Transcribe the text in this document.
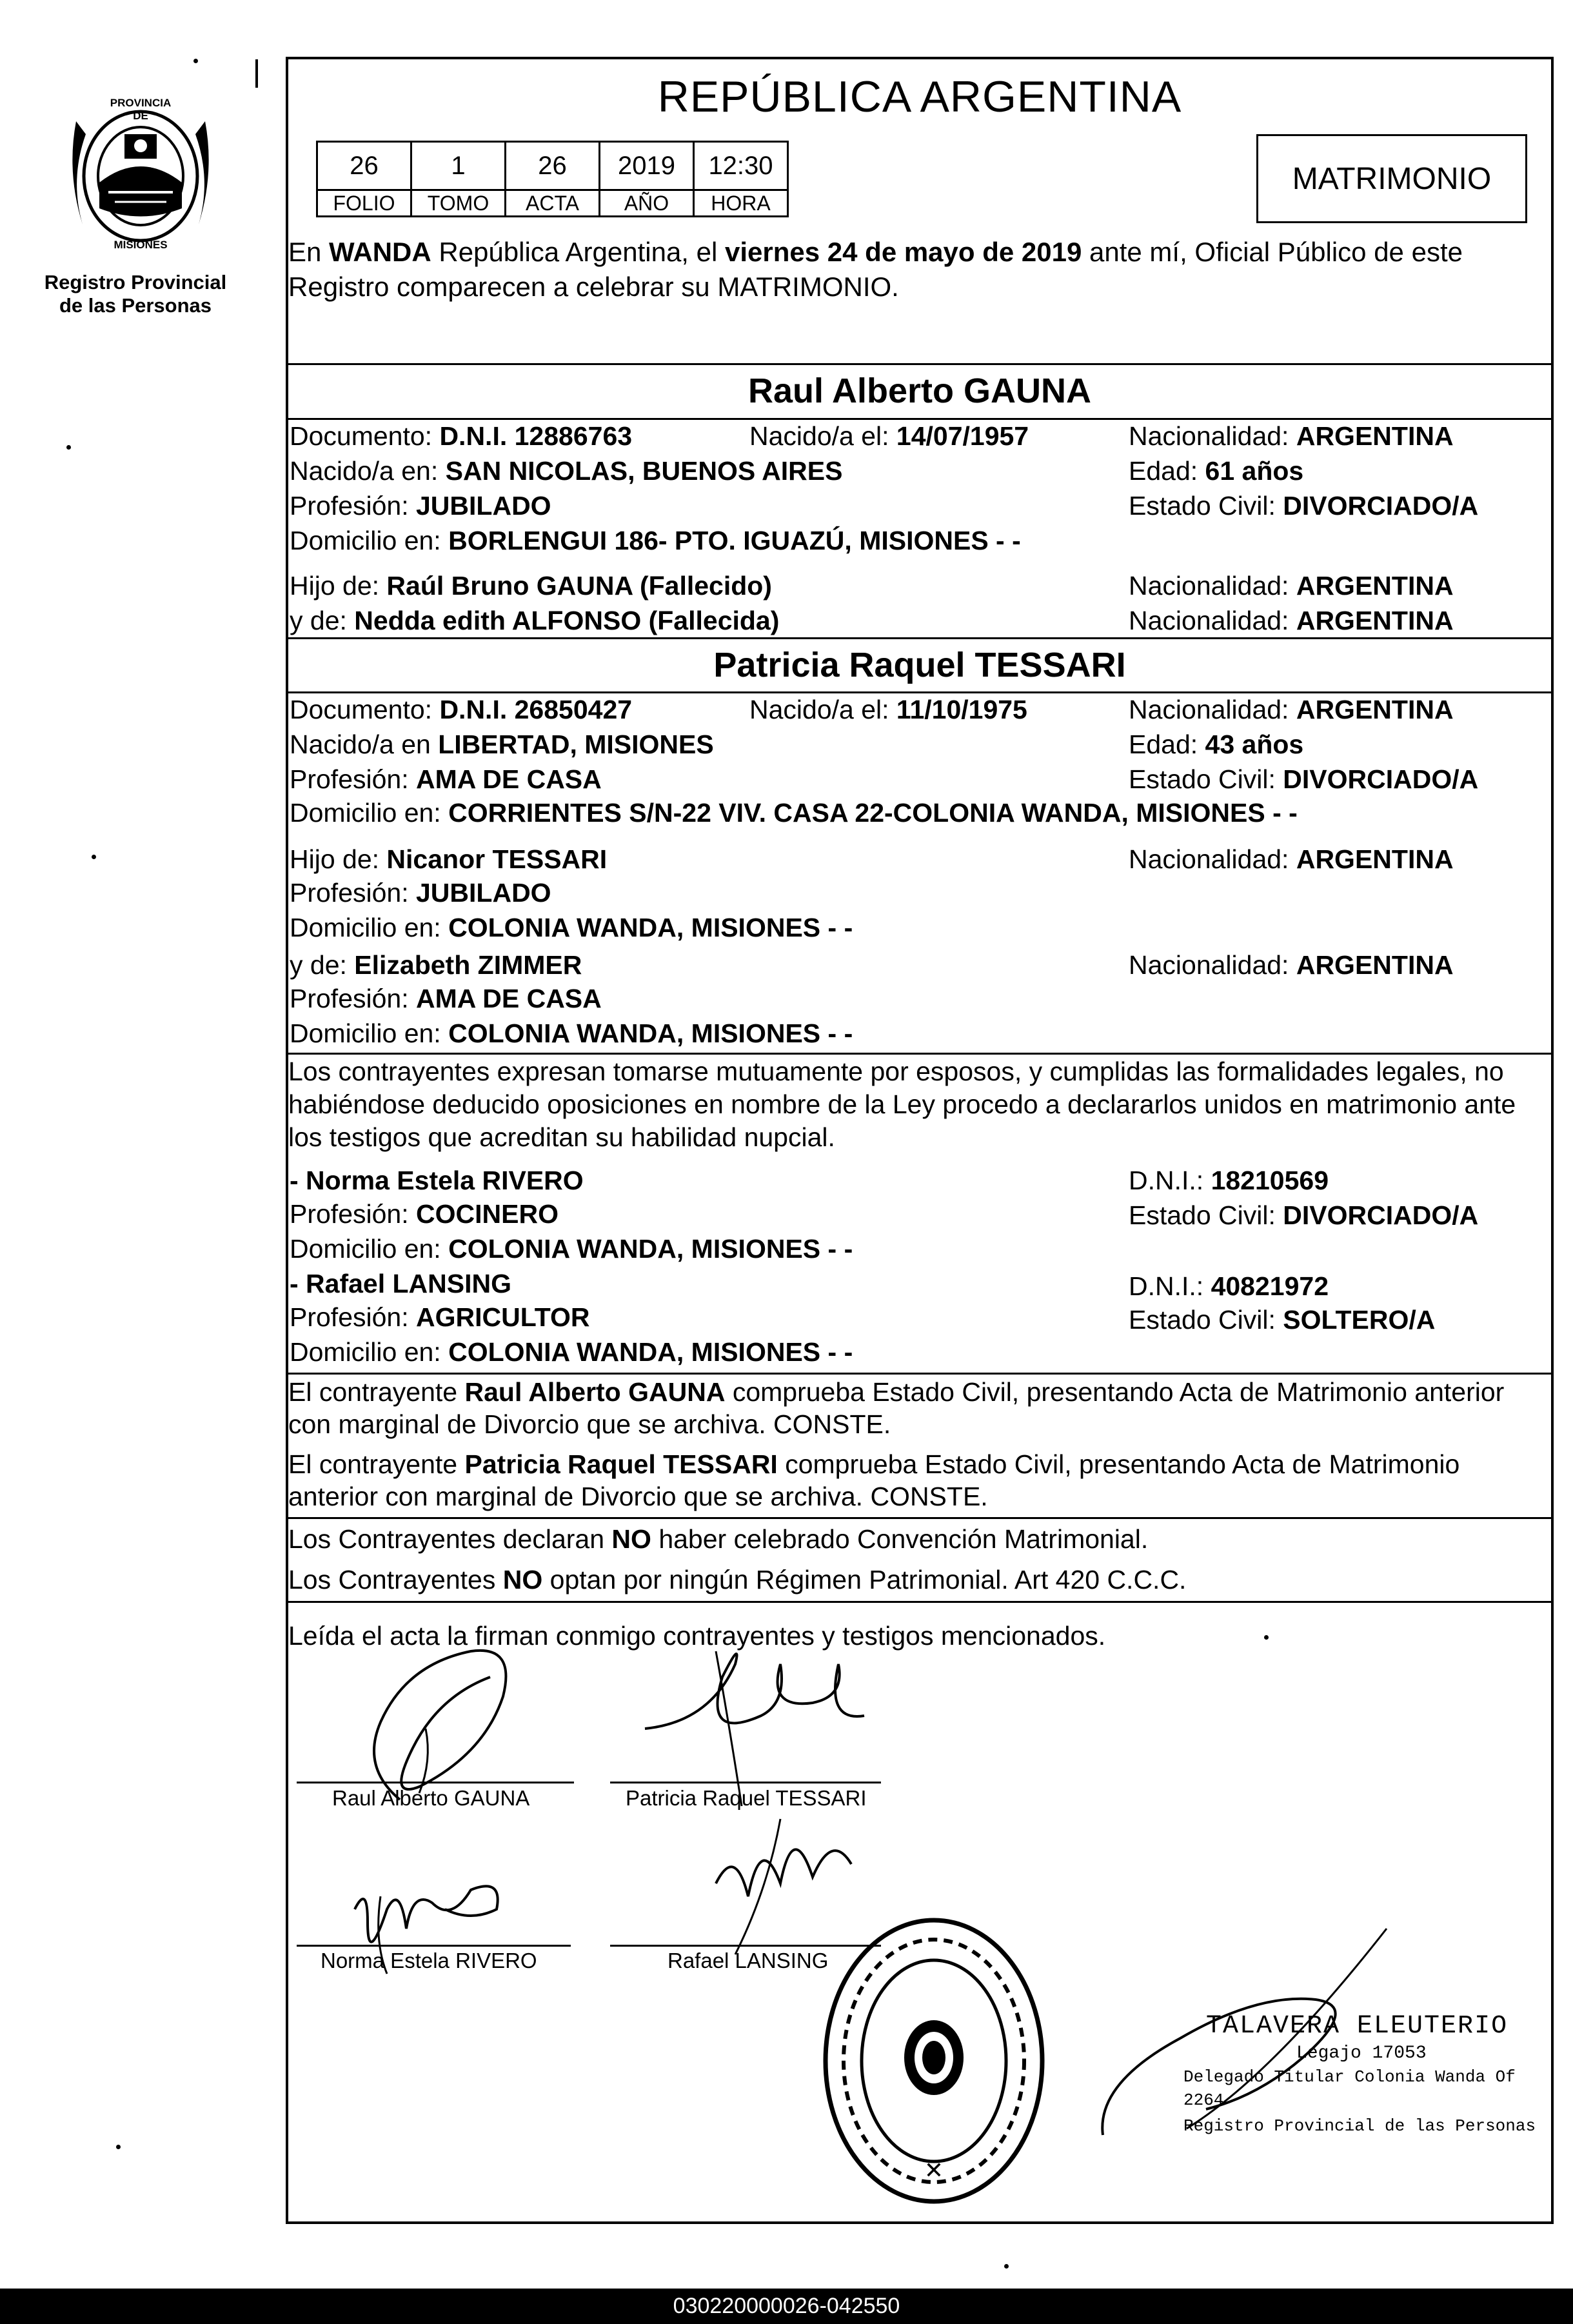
PROVINCIA DE
MISIONES
Registro Provincial
de las Personas
REPÚBLICA ARGENTINA
26	1	26	2019	12:30
FOLIO	TOMO	ACTA	AÑO	HORA
MATRIMONIO
En WANDA República Argentina, el viernes 24 de mayo de 2019 ante mí, Oficial Público de este Registro comparecen a celebrar su MATRIMONIO.
Raul Alberto GAUNA
Documento: D.N.I. 12886763	Nacido/a el: 14/07/1957	Nacionalidad: ARGENTINA
Nacido/a en: SAN NICOLAS, BUENOS AIRES	Edad: 61 años
Profesión: JUBILADO	Estado Civil: DIVORCIADO/A
Domicilio en: BORLENGUI 186- PTO. IGUAZÚ, MISIONES - -
Hijo de: Raúl Bruno GAUNA (Fallecido)	Nacionalidad: ARGENTINA
y de: Nedda edith ALFONSO (Fallecida)	Nacionalidad: ARGENTINA
Patricia Raquel TESSARI
Documento: D.N.I. 26850427	Nacido/a el: 11/10/1975	Nacionalidad: ARGENTINA
Nacido/a en LIBERTAD, MISIONES	Edad: 43 años
Profesión: AMA DE CASA	Estado Civil: DIVORCIADO/A
Domicilio en: CORRIENTES S/N-22 VIV. CASA 22-COLONIA WANDA, MISIONES - -
Hijo de: Nicanor TESSARI	Nacionalidad: ARGENTINA
Profesión: JUBILADO
Domicilio en: COLONIA WANDA, MISIONES - -
y de: Elizabeth ZIMMER	Nacionalidad: ARGENTINA
Profesión: AMA DE CASA
Domicilio en: COLONIA WANDA, MISIONES - -
Los contrayentes expresan tomarse mutuamente por esposos, y cumplidas las formalidades legales, no habiéndose deducido oposiciones en nombre de la Ley procedo a declararlos unidos en matrimonio ante los testigos que acreditan su habilidad nupcial.
- Norma Estela RIVERO	D.N.I.: 18210569
Profesión: COCINERO	Estado Civil: DIVORCIADO/A
Domicilio en: COLONIA WANDA, MISIONES - -
- Rafael LANSING	D.N.I.: 40821972
Profesión: AGRICULTOR	Estado Civil: SOLTERO/A
Domicilio en: COLONIA WANDA, MISIONES - -
El contrayente Raul Alberto GAUNA comprueba Estado Civil, presentando Acta de Matrimonio anterior con marginal de Divorcio que se archiva. CONSTE.
El contrayente Patricia Raquel TESSARI comprueba Estado Civil, presentando Acta de Matrimonio anterior con marginal de Divorcio que se archiva. CONSTE.
Los Contrayentes declaran NO haber celebrado Convención Matrimonial.
Los Contrayentes NO optan por ningún Régimen Patrimonial. Art 420 C.C.C.
Leída el acta la firman conmigo contrayentes y testigos mencionados.
Raul Alberto GAUNA	Patricia Raquel TESSARI
Norma Estela RIVERO	Rafael LANSING
✕
TALAVERA ELEUTERIO
Legajo 17053
Delegado Titular Colonia Wanda Of 2264
Registro Provincial de las Personas
030220000026-042550
